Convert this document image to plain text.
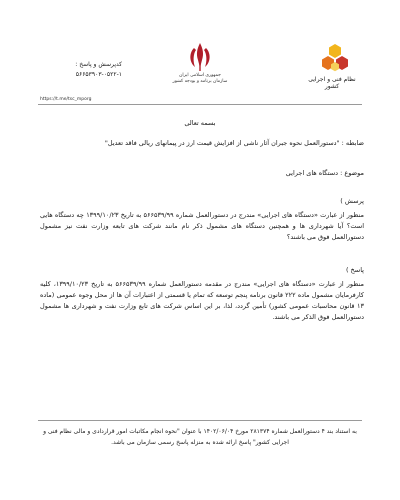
نظام فنی و اجرایی کشور
جمهوری اسلامی ایران
سازمان برنامه و بودجه کشور
کدپرسش و پاسخ :
۵۶۶۵۳۹۰۳-۰۵۲۲-۱
https://t.me/tsc_mporg
بسمه تعالی
ضابطه : "دستورالعمل نحوه جبران آثار ناشی از افزایش قیمت ارز در پیمانهای ریالی فاقد تعدیل"
موضوع : دستگاه های اجرایی
پرسش )
منظور از عبارت «دستگاه های اجرایی» مندرج در دستورالعمل شماره ۵۶۶۵۳۹/۹۹ به تاریخ ۱۳۹۹/۱۰/۲۳ چه دستگاه هایی است؟ آیا شهرداری ها و همچنین دستگاه های مشمول ذکر نام مانند شرکت های تابعه وزارت نفت نیز مشمول دستورالعمل فوق می باشند؟
پاسخ )
منظور از عبارت «دستگاه های اجرایی» مندرج در مقدمه دستورالعمل شماره ۵۶۶۵۳۹/۹۹ به تاریخ ۱۳۹۹/۱۰/۲۳، کلیه کارفرمایان مشمول ماده ۲۲۲ قانون برنامه پنجم توسعه که تمام یا قسمتی از اعتبارات آن ها از محل وجوه عمومی (ماده ۱۳ قانون محاسبات عمومی کشور) تأمین گردد، لذا، بر این اساس شرکت های تابع وزارت نفت و شهرداری ها مشمول دستورالعمل فوق الذکر می باشند.
به استناد بند ۴ دستورالعمل شماره ۲۸۱۳۷۴ مورخ ۱۴۰۲/۰۶/۰۴ با عنوان "نحوه انجام مکاتبات امور قراردادی و مالی نظام فنی و اجرایی کشور" پاسخ ارائه شده به منزله پاسخ رسمی سازمان می باشد.
